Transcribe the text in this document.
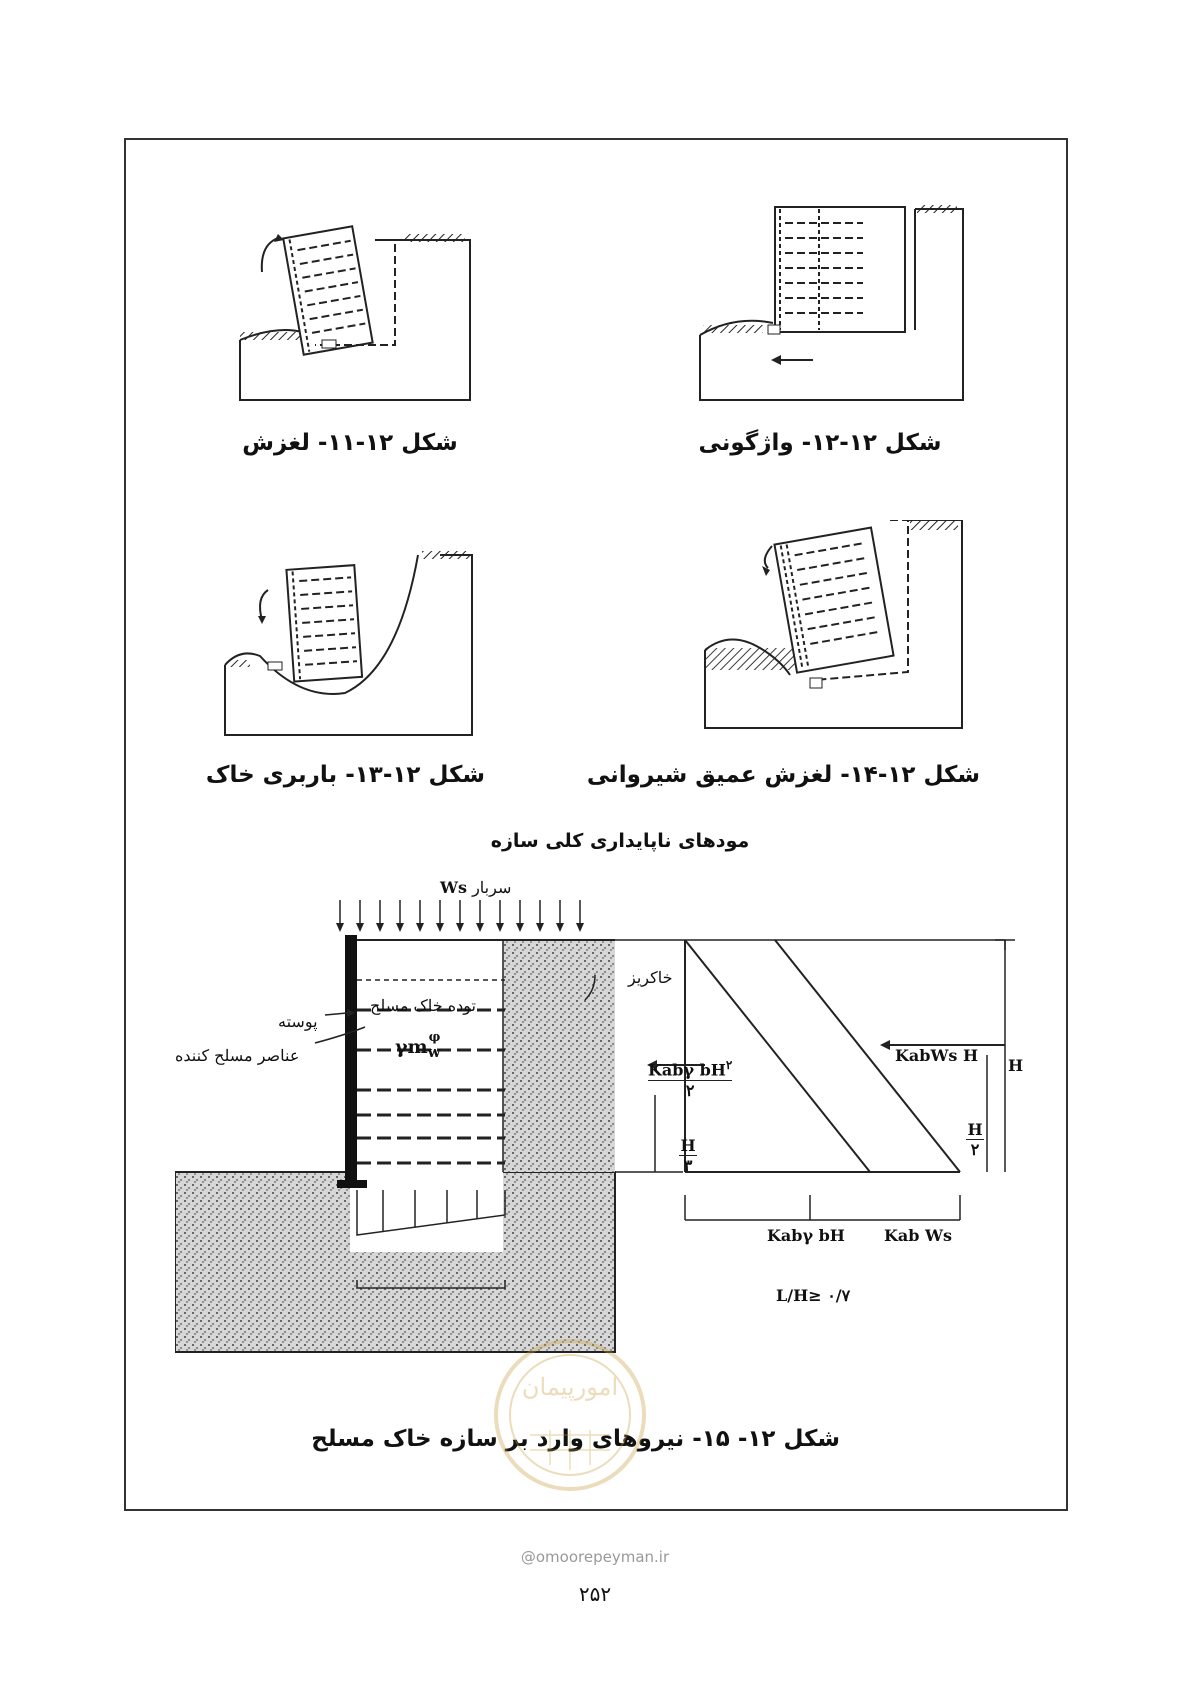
شکل ۱۲-۱۱- لغزش	شکل ۱۲-۱۲- واژگونی
شکل ۱۲-۱۳- باربری خاک	شکل ۱۲-۱۴- لغزش عمیق شیروانی
مودهای ناپایداری کلی سازه
سربار Ws
خاکریز
توده خاک مسلح
پوسته
عناصر مسلح کننده	$\gamma m_w^\varphi$
Kabγ $bH^۲$
۲
H
۳
KabWs H
H
۲
H
Kabγ bH Kab Ws
L/H≥ ۰/۷
شکل ۱۲- ۱۵- نیروهای وارد بر سازه خاک مسلح
امورپیمان
@omoorepeyman.ir
۲۵۲
